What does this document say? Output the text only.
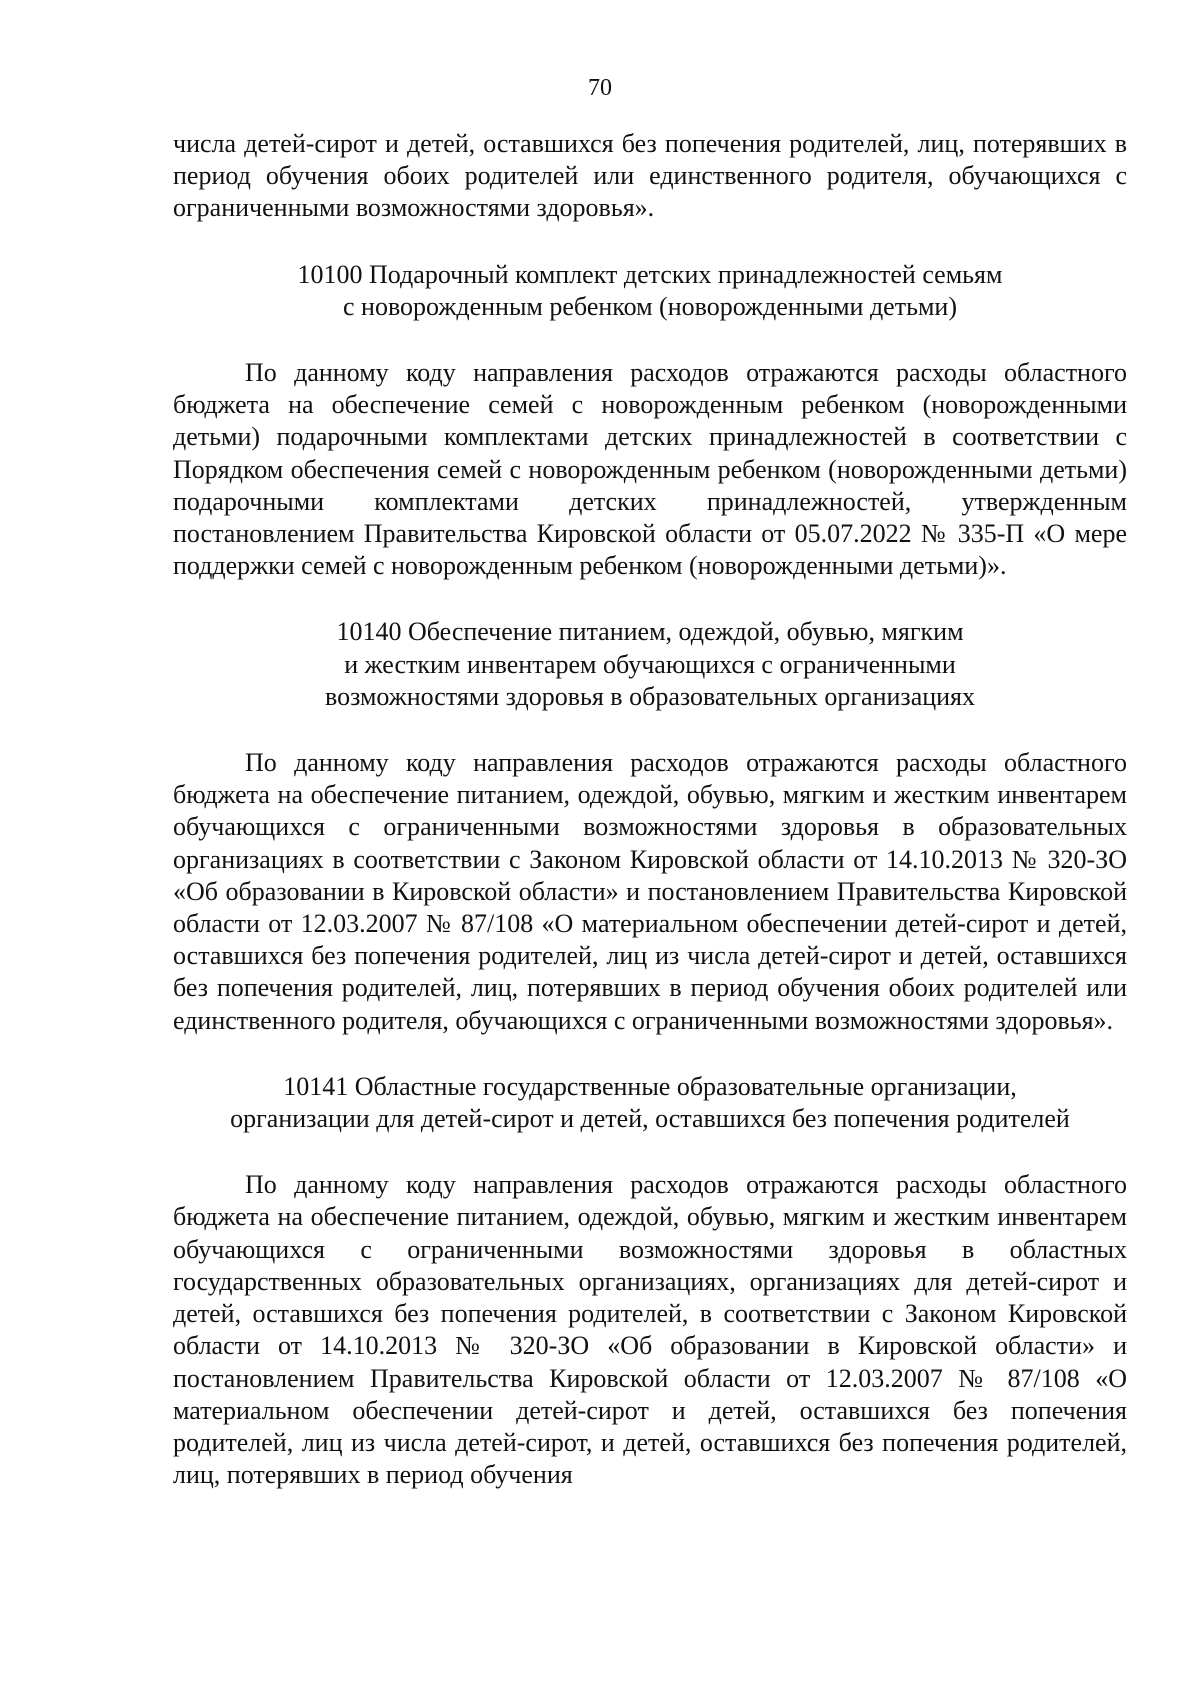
70

числа детей-сирот и детей, оставшихся без попечения родителей, лиц, потерявших в период обучения обоих родителей или единственного родителя, обучающихся с ограниченными возможностями здоровья».

10100 Подарочный комплект детских принадлежностей семьям
с новорожденным ребенком (новорожденными детьми)

По данному коду направления расходов отражаются расходы областного бюджета на обеспечение семей с новорожденным ребенком (новорожденными детьми) подарочными комплектами детских принадлежностей в соответствии с Порядком обеспечения семей с новорожденным ребенком (новорожденными детьми) подарочными комплектами детских принадлежностей, утвержденным постановлением Правительства Кировской области от 05.07.2022 № 335-П «О мере поддержки семей с новорожденным ребенком (новорожденными детьми)».

10140 Обеспечение питанием, одеждой, обувью, мягким
и жестким инвентарем обучающихся с ограниченными
возможностями здоровья в образовательных организациях

По данному коду направления расходов отражаются расходы областного бюджета на обеспечение питанием, одеждой, обувью, мягким и жестким инвентарем обучающихся с ограниченными возможностями здоровья в образовательных организациях в соответствии с Законом Кировской области от 14.10.2013 № 320-ЗО «Об образовании в Кировской области» и постановлением Правительства Кировской области от 12.03.2007 № 87/108 «О материальном обеспечении детей-сирот и детей, оставшихся без попечения родителей, лиц из числа детей-сирот и детей, оставшихся без попечения родителей, лиц, потерявших в период обучения обоих родителей или единственного родителя, обучающихся с ограниченными возможностями здоровья».

10141 Областные государственные образовательные организации,
организации для детей-сирот и детей, оставшихся без попечения родителей

По данному коду направления расходов отражаются расходы областного бюджета на обеспечение питанием, одеждой, обувью, мягким и жестким инвентарем обучающихся с ограниченными возможностями здоровья в областных государственных образовательных организациях, организациях для детей-сирот и детей, оставшихся без попечения родителей, в соответствии с Законом Кировской области от 14.10.2013 № 320-ЗО «Об образовании в Кировской области» и постановлением Правительства Кировской области от 12.03.2007 № 87/108 «О материальном обеспечении детей-сирот и детей, оставшихся без попечения родителей, лиц из числа детей-сирот, и детей, оставшихся без попечения родителей, лиц, потерявших в период обучения
